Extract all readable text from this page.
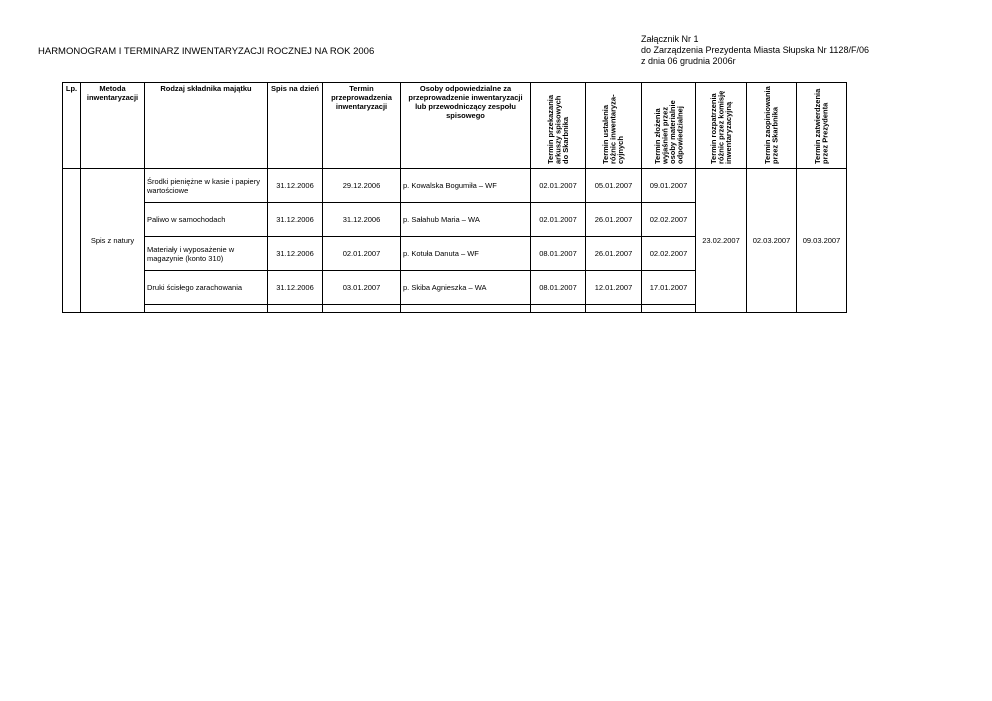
Załącznik Nr 1
do Zarządzenia Prezydenta Miasta Słupska Nr 1128/F/06
z dnia 06 grudnia 2006r
HARMONOGRAM I TERMINARZ INWENTARYZACJI ROCZNEJ NA ROK 2006
Lp.	Metoda inwentaryzacji	Rodzaj składnika majątku	Spis na dzień	Termin przeprowadzenia inwentaryzacji	Osoby odpowiedzialne za przeprowadzenie inwentaryzacji lub przewodniczący zespołu spisowego	Termin przekazania arkuszy spisowych do Skarbnika	Termin ustalenia różnic inwentaryza-cyjnych	Termin złożenia wyjaśnień przez osoby materialnie odpowiedzialnej	Termin rozpatrzenia różnic przez komisję inwentaryzacyjną	Termin zaopiniowania przez Skarbnika	Termin zatwierdzenia przez Prezydenta
	Spis z natury	Środki pieniężne w kasie i papiery wartościowe	31.12.2006	29.12.2006	p. Kowalska Bogumiła – WF	02.01.2007	05.01.2007	09.01.2007	23.02.2007	02.03.2007	09.03.2007
		Paliwo w samochodach	31.12.2006	31.12.2006	p. Sałahub Maria – WA	02.01.2007	26.01.2007	02.02.2007			
		Materiały i wyposażenie w magazynie (konto 310)	31.12.2006	02.01.2007	p. Kotuła Danuta – WF	08.01.2007	26.01.2007	02.02.2007			
		Druki ścisłego zarachowania	31.12.2006	03.01.2007	p. Skiba Agnieszka – WA	08.01.2007	12.01.2007	17.01.2007			
